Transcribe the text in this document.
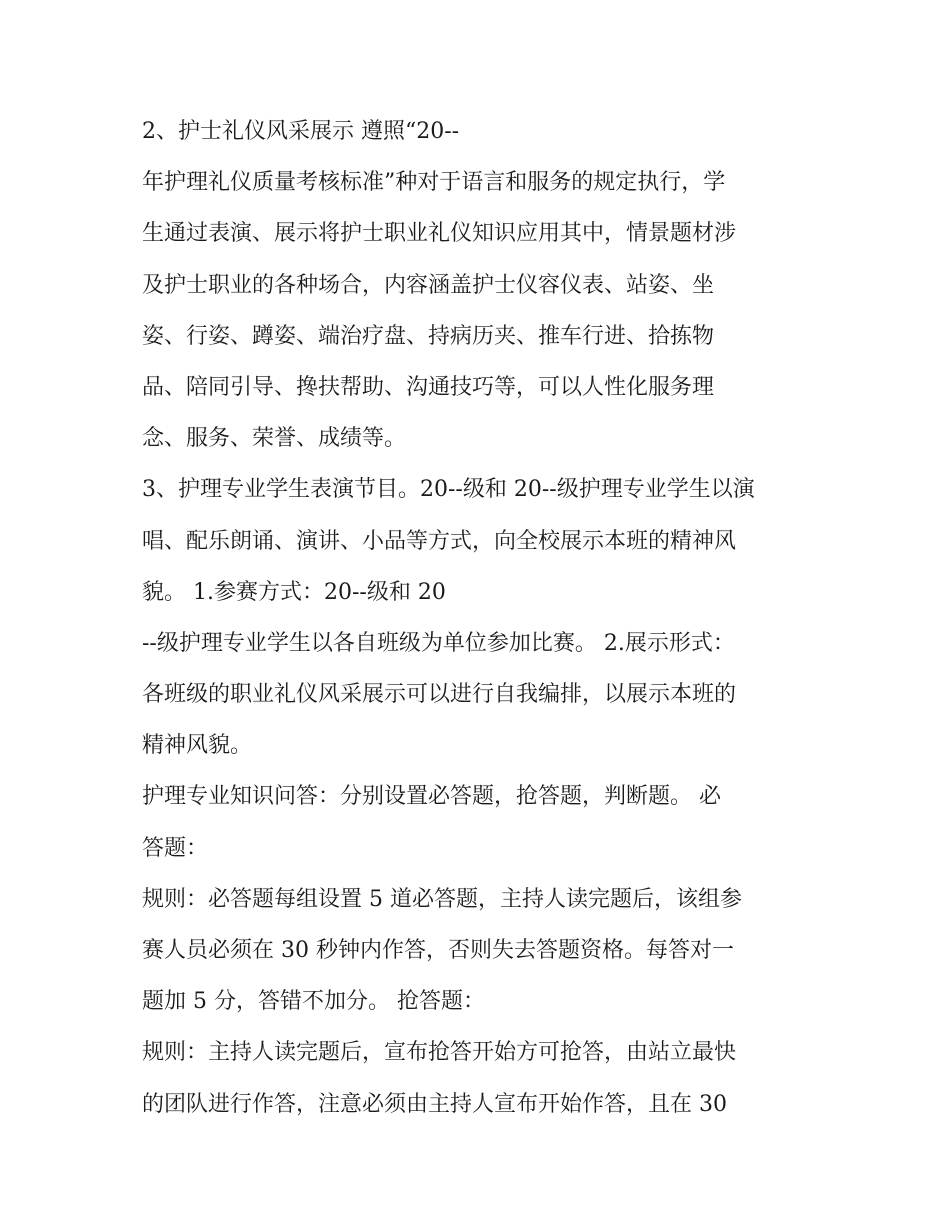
2、护士礼仪风采展示 遵照“20--
年护理礼仪质量考核标准”种对于语言和服务的规定执行，学
生通过表演、展示将护士职业礼仪知识应用其中，情景题材涉
及护士职业的各种场合，内容涵盖护士仪容仪表、站姿、坐
姿、行姿、蹲姿、端治疗盘、持病历夹、推车行进、拾拣物
品、陪同引导、搀扶帮助、沟通技巧等，可以人性化服务理
念、服务、荣誉、成绩等。
3、护理专业学生表演节目。20--级和 20--级护理专业学生以演
唱、配乐朗诵、演讲、小品等方式，向全校展示本班的精神风
貌。 1.参赛方式：20--级和 20
--级护理专业学生以各自班级为单位参加比赛。 2.展示形式：
各班级的职业礼仪风采展示可以进行自我编排，以展示本班的
精神风貌。
护理专业知识问答：分别设置必答题，抢答题，判断题。 必
答题：
规则：必答题每组设置 5 道必答题，主持人读完题后，该组参
赛人员必须在 30 秒钟内作答，否则失去答题资格。每答对一
题加 5 分，答错不加分。 抢答题：
规则：主持人读完题后，宣布抢答开始方可抢答，由站立最快
的团队进行作答，注意必须由主持人宣布开始作答，且在 30
